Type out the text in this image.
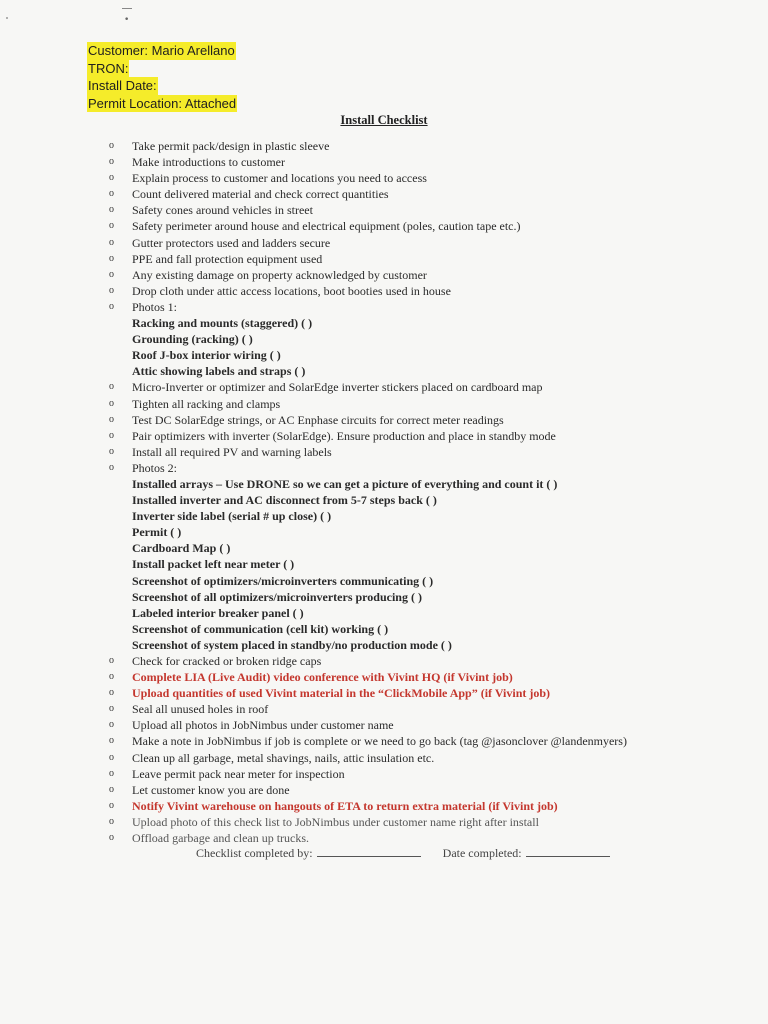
•
Customer: Mario Arellano
TRON:
Install Date:
Permit Location: Attached
Install Checklist
o	Take permit pack/design in plastic sleeve
o	Make introductions to customer
o	Explain process to customer and locations you need to access
o	Count delivered material and check correct quantities
o	Safety cones around vehicles in street
o	Safety perimeter around house and electrical equipment (poles, caution tape etc.)
o	Gutter protectors used and ladders secure
o	PPE and fall protection equipment used
o	Any existing damage on property acknowledged by customer
o	Drop cloth under attic access locations, boot booties used in house
o	Photos 1:
Racking and mounts (staggered) ( )
Grounding (racking) ( )
Roof J-box interior wiring ( )
Attic showing labels and straps ( )
o	Micro-Inverter or optimizer and SolarEdge inverter stickers placed on cardboard map
o	Tighten all racking and clamps
o	Test DC SolarEdge strings, or AC Enphase circuits for correct meter readings
o	Pair optimizers with inverter (SolarEdge). Ensure production and place in standby mode
o	Install all required PV and warning labels
o	Photos 2:
Installed arrays – Use DRONE so we can get a picture of everything and count it ( )
Installed inverter and AC disconnect from 5-7 steps back ( )
Inverter side label (serial # up close) ( )
Permit ( )
Cardboard Map ( )
Install packet left near meter ( )
Screenshot of optimizers/microinverters communicating ( )
Screenshot of all optimizers/microinverters producing ( )
Labeled interior breaker panel ( )
Screenshot of communication (cell kit) working ( )
Screenshot of system placed in standby/no production mode ( )
o	Check for cracked or broken ridge caps
o	Complete LIA (Live Audit) video conference with Vivint HQ (if Vivint job)
o	Upload quantities of used Vivint material in the “ClickMobile App” (if Vivint job)
o	Seal all unused holes in roof
o	Upload all photos in JobNimbus under customer name
o	Make a note in JobNimbus if job is complete or we need to go back (tag @jasonclover @landenmyers)
o	Clean up all garbage, metal shavings, nails, attic insulation etc.
o	Leave permit pack near meter for inspection
o	Let customer know you are done
o	Notify Vivint warehouse on hangouts of ETA to return extra material (if Vivint job)
o	Upload photo of this check list to JobNimbus under customer name right after install
o	Offload garbage and clean up trucks.
Checklist completed by:	Date completed:
